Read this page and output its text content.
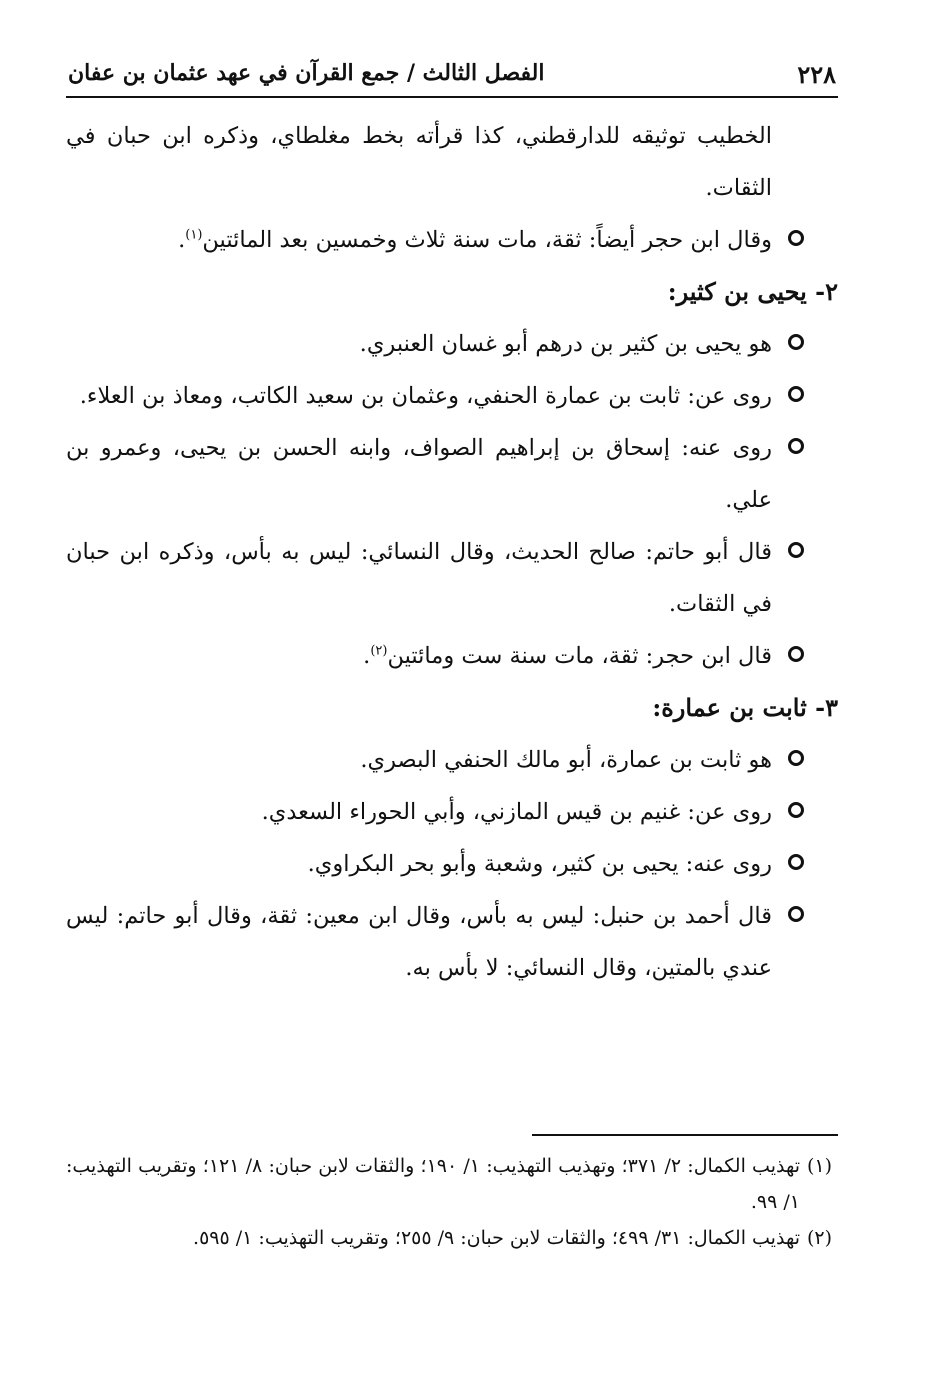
٢٢٨
الفصل الثالث / جمع القرآن في عهد عثمان بن عفان

الخطيب توثيقه للدارقطني، كذا قرأته بخط مغلطاي، وذكره ابن حبان في الثقات.

وقال ابن حجر أيضاً: ثقة، مات سنة ثلاث وخمسين بعد المائتين$^{(١)}$.

٢- يحيى بن كثير:

هو يحيى بن كثير بن درهم أبو غسان العنبري.

روى عن: ثابت بن عمارة الحنفي، وعثمان بن سعيد الكاتب، ومعاذ بن العلاء.

روى عنه: إسحاق بن إبراهيم الصواف، وابنه الحسن بن يحيى، وعمرو بن علي.

قال أبو حاتم: صالح الحديث، وقال النسائي: ليس به بأس، وذكره ابن حبان في الثقات.

قال ابن حجر: ثقة، مات سنة ست ومائتين$^{(٢)}$.

٣- ثابت بن عمارة:

هو ثابت بن عمارة، أبو مالك الحنفي البصري.

روى عن: غنيم بن قيس المازني، وأبي الحوراء السعدي.

روى عنه: يحيى بن كثير، وشعبة وأبو بحر البكراوي.

قال أحمد بن حنبل: ليس به بأس، وقال ابن معين: ثقة، وقال أبو حاتم: ليس عندي بالمتين، وقال النسائي: لا بأس به.

(١)
تهذيب الكمال: ٢/ ٣٧١؛ وتهذيب التهذيب: ١/ ١٩٠؛ والثقات لابن حبان: ٨/ ١٢١؛ وتقريب التهذيب: ١/ ٩٩.

(٢)
تهذيب الكمال: ٣١/ ٤٩٩؛ والثقات لابن حبان: ٩/ ٢٥٥؛ وتقريب التهذيب: ١/ ٥٩٥.
